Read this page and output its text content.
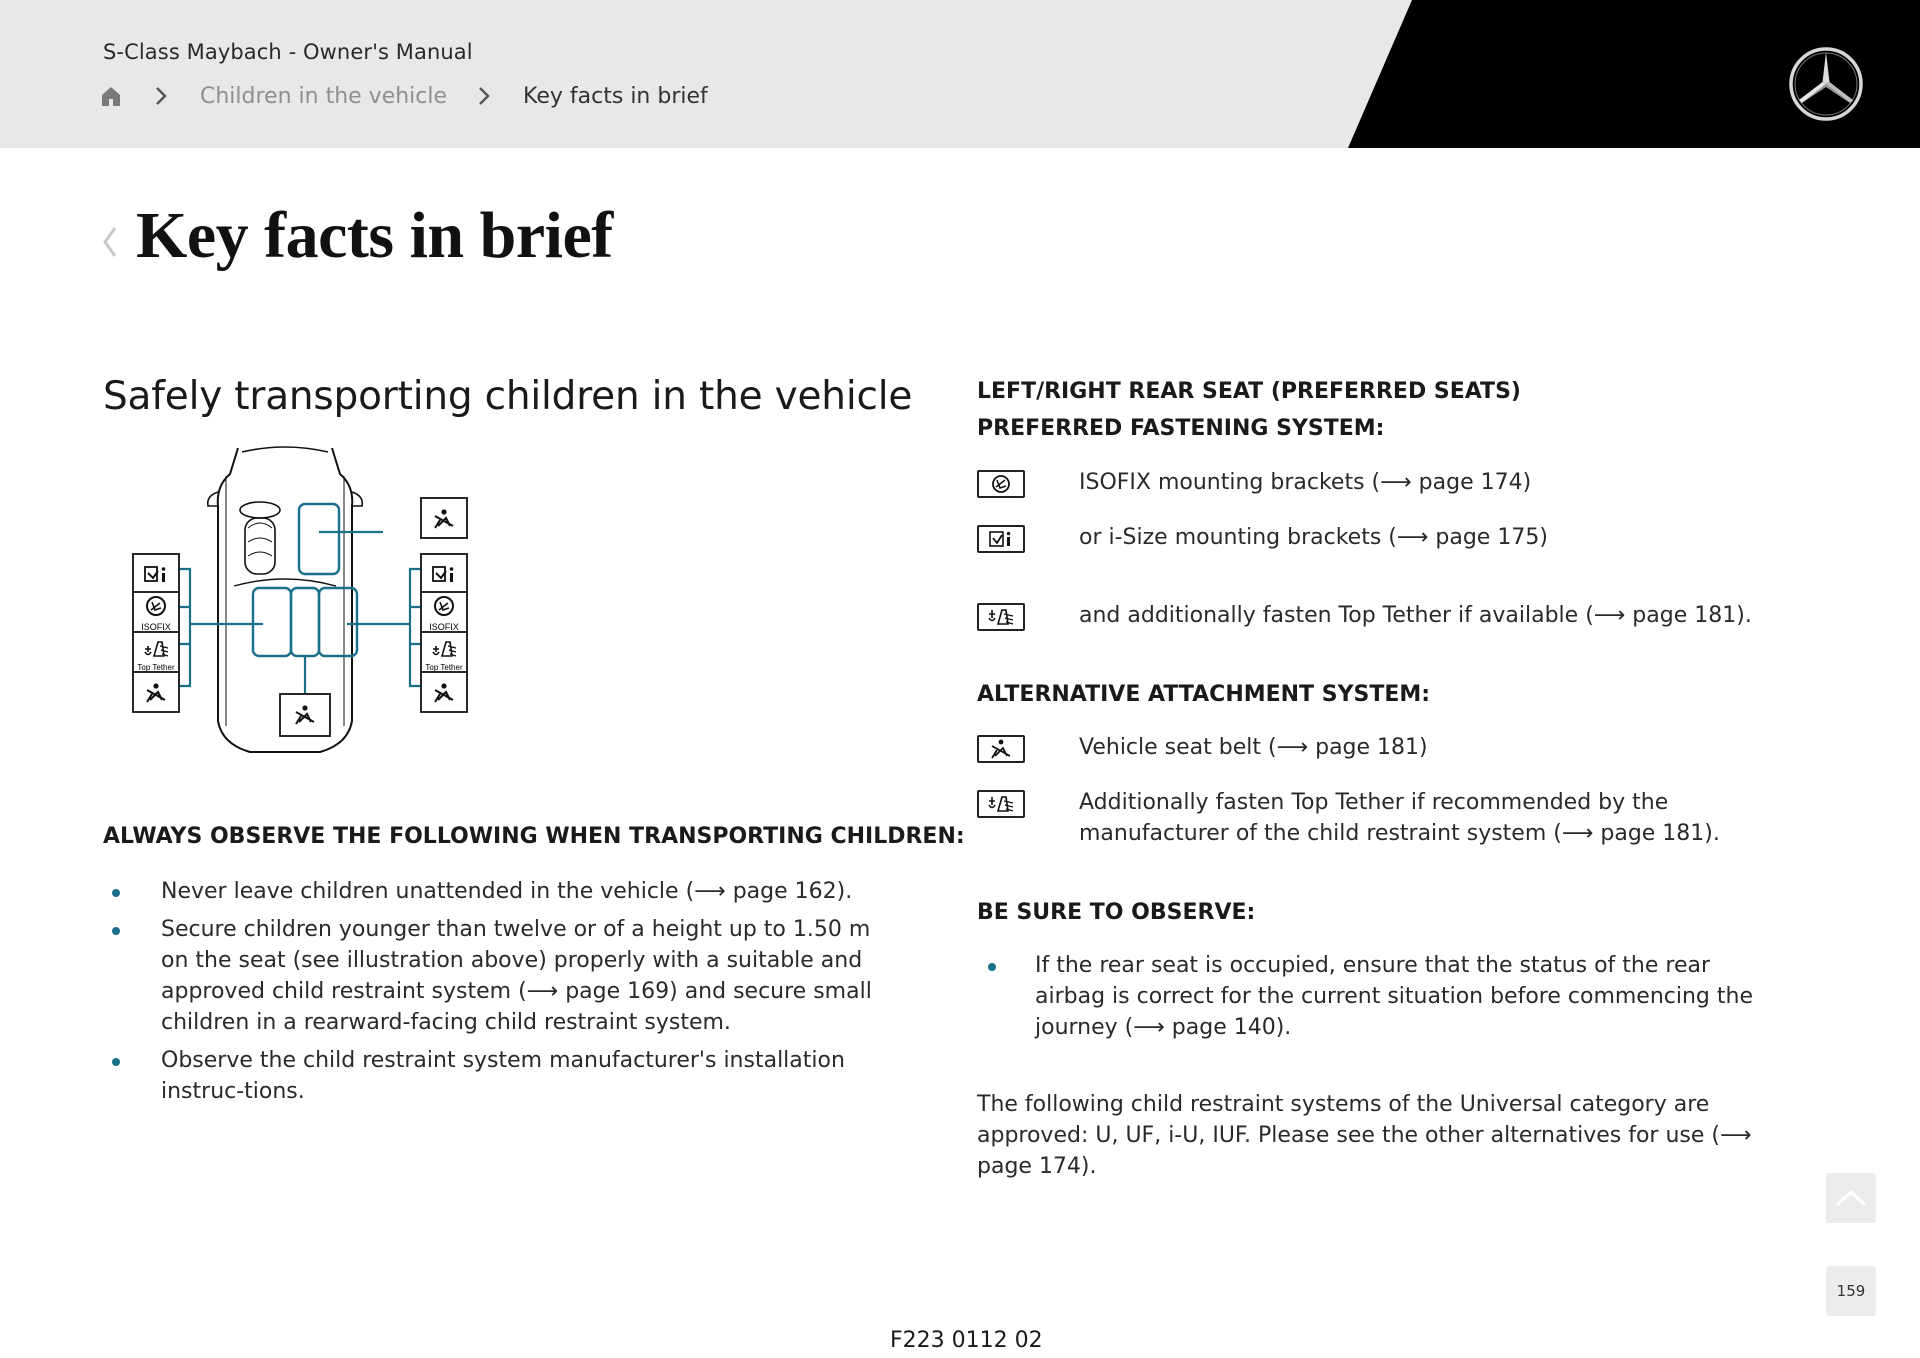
S-Class Maybach - Owner's Manual
Children in the vehicle	Key facts in brief
Key facts in brief
Safely transporting children in the vehicle
ISOFIX
Top Tether
ISOFIX
Top Tether
ALWAYS OBSERVE THE FOLLOWING WHEN TRANSPORTING CHILDREN:
Never leave children unattended in the vehicle (⟶ page 162).
Secure children younger than twelve or of a height up to 1.50 m on the seat (see illustration above) properly with a suitable and approved child restraint system (⟶ page 169) and secure small children in a rearward-facing child restraint system.
Observe the child restraint system manufacturer's installation instruc-tions.
LEFT/RIGHT REAR SEAT (PREFERRED SEATS)
PREFERRED FASTENING SYSTEM:
ISOFIX mounting brackets (⟶ page 174)
or i-Size mounting brackets (⟶ page 175)
and additionally fasten Top Tether if available (⟶ page 181).
ALTERNATIVE ATTACHMENT SYSTEM:
Vehicle seat belt (⟶ page 181)
Additionally fasten Top Tether if recommended by the manufacturer of the child restraint system (⟶ page 181).
BE SURE TO OBSERVE:
If the rear seat is occupied, ensure that the status of the rear airbag is correct for the current situation before commencing the journey (⟶ page 140).
The following child restraint systems of the Universal category are approved: U, UF, i-U, IUF. Please see the other alternatives for use (⟶ page 174).
F223 0112 02
159
